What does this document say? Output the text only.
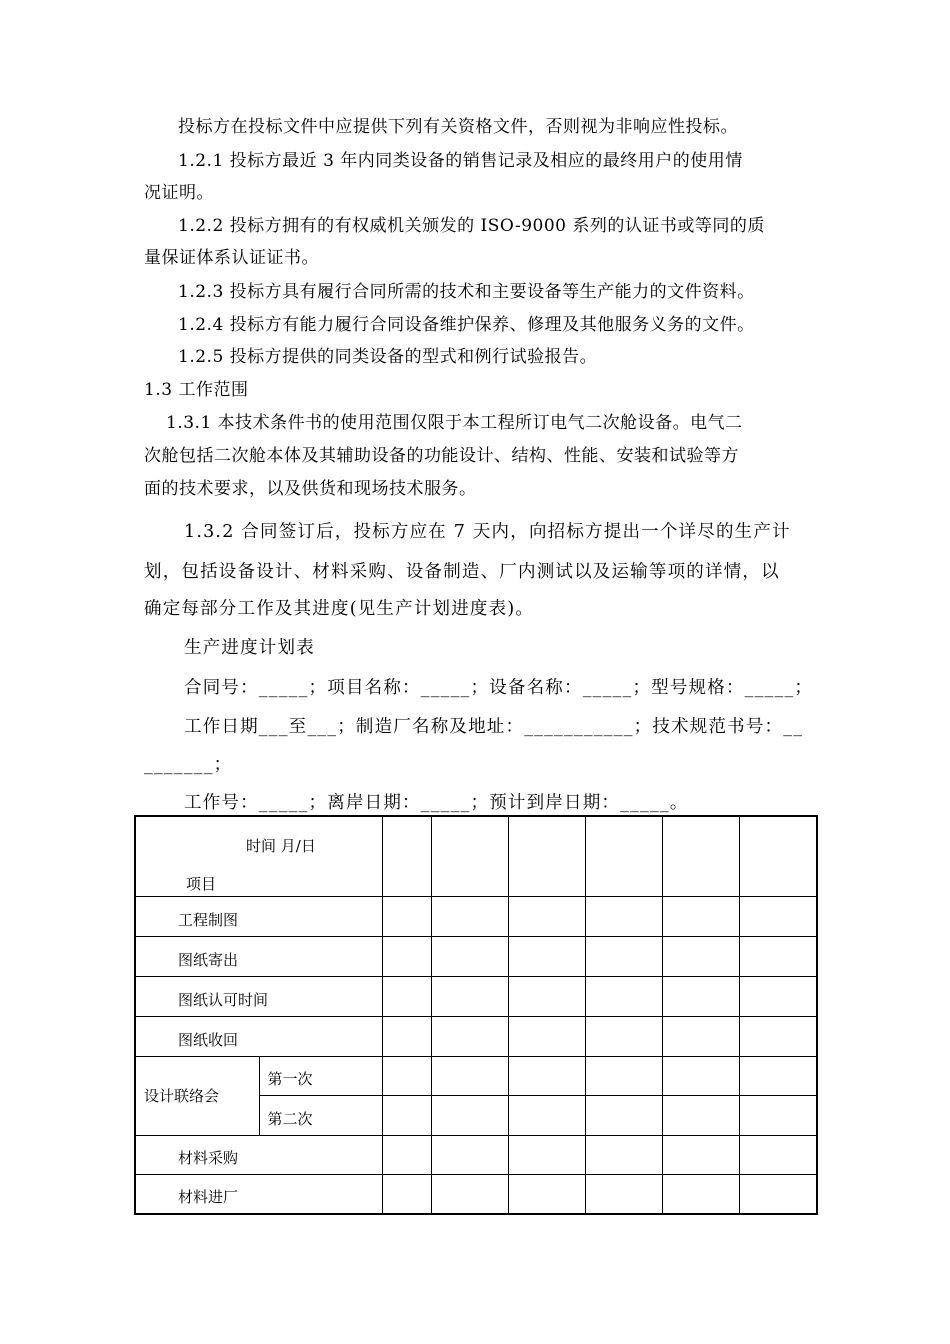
投标方在投标文件中应提供下列有关资格文件，否则视为非响应性投标。
1.2.1 投标方最近 3 年内同类设备的销售记录及相应的最终用户的使用情
况证明。
1.2.2 投标方拥有的有权威机关颁发的 ISO-9000 系列的认证书或等同的质
量保证体系认证证书。
1.2.3 投标方具有履行合同所需的技术和主要设备等生产能力的文件资料。
1.2.4 投标方有能力履行合同设备维护保养、修理及其他服务义务的文件。
1.2.5 投标方提供的同类设备的型式和例行试验报告。
1.3 工作范围
1.3.1 本技术条件书的使用范围仅限于本工程所订电气二次舱设备。电气二
次舱包括二次舱本体及其辅助设备的功能设计、结构、性能、安装和试验等方
面的技术要求，以及供货和现场技术服务。
1.3.2 合同签订后，投标方应在 7 天内，向招标方提出一个详尽的生产计
划，包括设备设计、材料采购、设备制造、厂内测试以及运输等项的详情，以
确定每部分工作及其进度(见生产计划进度表)。
生产进度计划表
合同号：_____；项目名称：_____；设备名称：_____；型号规格：_____；
工作日期___至___；制造厂名称及地址：___________；技术规范书号：__
_______；
工作号：_____；离岸日期：_____；预计到岸日期：_____。
时间 月/日
项目							

工程制图							
图纸寄出							
图纸认可时间							
图纸收回							
设计联络会	第一次						
	第二次						
材料采购							
材料进厂							
